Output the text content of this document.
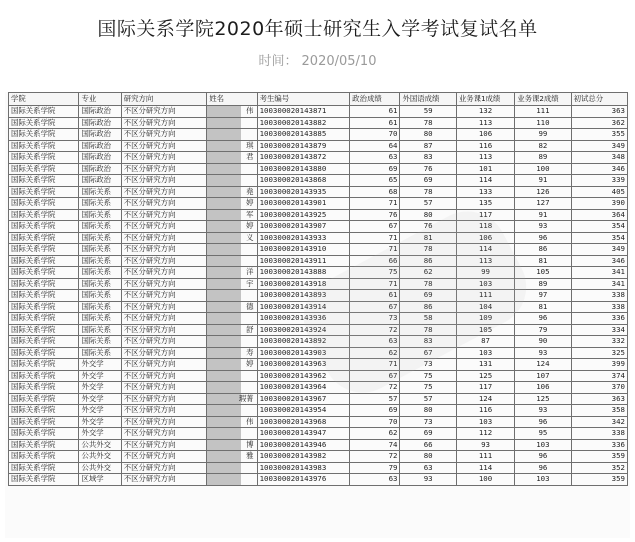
国际关系学院2020年硕士研究生入学考试复试名单
时间： 2020/05/10
学院	专业	研究方向	姓名	考生编号	政治成绩	外国语成绩	业务课1成绩	业务课2成绩	初试总分
国际关系学院	国际政治	不区分研究方向	伟	100300020143871	61	59	132	111	363
国际关系学院	国际政治	不区分研究方向		100300020143882	61	78	113	110	362
国际关系学院	国际政治	不区分研究方向		100300020143885	70	80	106	99	355
国际关系学院	国际政治	不区分研究方向	琪	100300020143879	64	87	116	82	349
国际关系学院	国际政治	不区分研究方向	君	100300020143872	63	83	113	89	348
国际关系学院	国际政治	不区分研究方向		100300020143880	69	76	101	100	346
国际关系学院	国际政治	不区分研究方向		100300020143868	65	69	114	91	339
国际关系学院	国际关系	不区分研究方向	堯	100300020143935	68	78	133	126	405
国际关系学院	国际关系	不区分研究方向	婷	100300020143901	71	57	135	127	390
国际关系学院	国际关系	不区分研究方向	军	100300020143925	76	80	117	91	364
国际关系学院	国际关系	不区分研究方向	婷	100300020143907	67	76	118	93	354
国际关系学院	国际关系	不区分研究方向	义	100300020143933	71	81	106	96	354
国际关系学院	国际关系	不区分研究方向		100300020143910	71	78	114	86	349
国际关系学院	国际关系	不区分研究方向		100300020143911	66	86	113	81	346
国际关系学院	国际关系	不区分研究方向	洋	100300020143888	75	62	99	105	341
国际关系学院	国际关系	不区分研究方向	宇	100300020143918	71	78	103	89	341
国际关系学院	国际关系	不区分研究方向		100300020143893	61	69	111	97	338
国际关系学院	国际关系	不区分研究方向	德	100300020143914	67	86	104	81	338
国际关系学院	国际关系	不区分研究方向		100300020143936	73	58	109	96	336
国际关系学院	国际关系	不区分研究方向	舒	100300020143924	72	78	105	79	334
国际关系学院	国际关系	不区分研究方向		100300020143892	63	83	87	90	332
国际关系学院	国际关系	不区分研究方向	寿	100300020143903	62	67	103	93	325
国际关系学院	外交学	不区分研究方向	婷	100300020143963	71	73	131	124	399
国际关系学院	外交学	不区分研究方向		100300020143962	67	75	125	107	374
国际关系学院	外交学	不区分研究方向		100300020143964	72	75	117	106	370
国际关系学院	外交学	不区分研究方向	瑕菁	100300020143967	57	57	124	125	363
国际关系学院	外交学	不区分研究方向		100300020143954	69	80	116	93	358
国际关系学院	外交学	不区分研究方向	伟	100300020143968	70	73	103	96	342
国际关系学院	外交学	不区分研究方向		100300020143947	62	69	112	95	338
国际关系学院	公共外交	不区分研究方向	博	100300020143946	74	66	93	103	336
国际关系学院	公共外交	不区分研究方向	雅	100300020143982	72	80	111	96	359
国际关系学院	公共外交	不区分研究方向		100300020143983	79	63	114	96	352
国际关系学院	区域学	不区分研究方向		100300020143976	63	93	100	103	359
